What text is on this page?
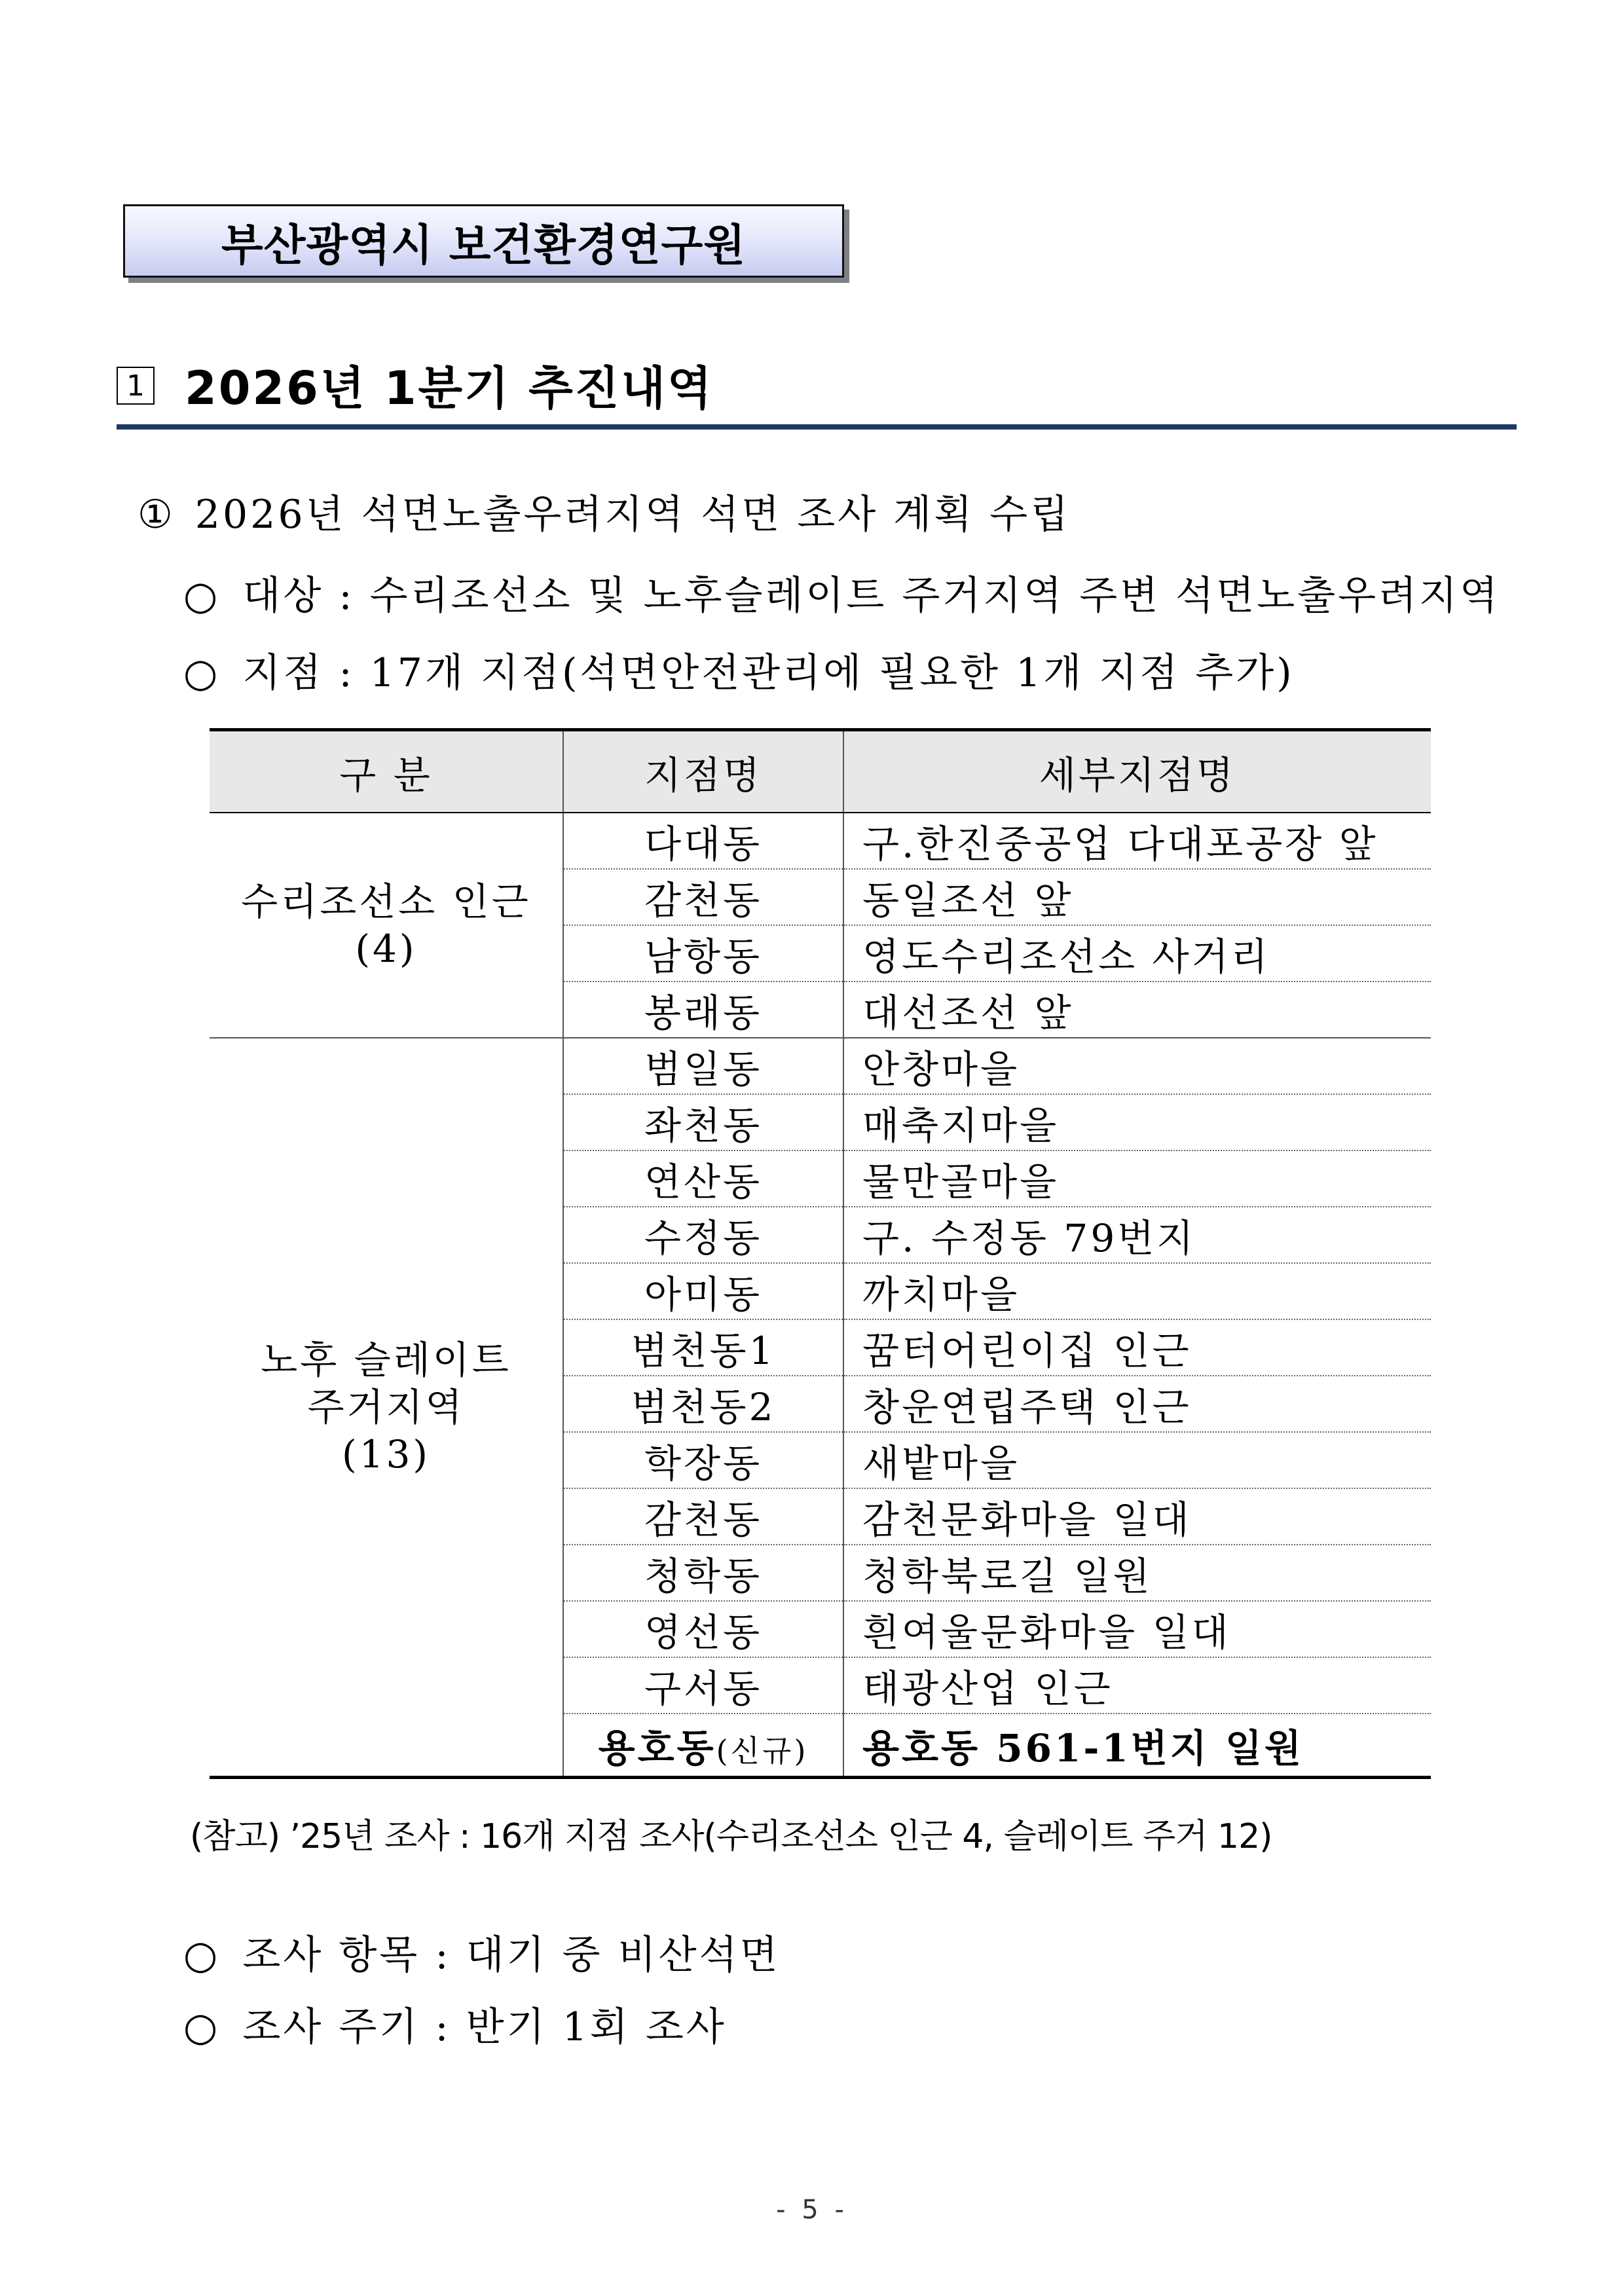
부산광역시 보건환경연구원
1 2026년 1분기 추진내역
① 2026년 석면노출우려지역 석면 조사 계획 수립
○ 대상 : 수리조선소 및 노후슬레이트 주거지역 주변 석면노출우려지역
○ 지점 : 17개 지점(석면안전관리에 필요한 1개 지점 추가)
구 분	지점명	세부지점명

수리조선소 인근
(4)	다대동	구.한진중공업 다대포공장 앞
	감천동	동일조선 앞
	남항동	영도수리조선소 사거리
	봉래동	대선조선 앞

노후 슬레이트
주거지역
(13)	범일동	안창마을
	좌천동	매축지마을
	연산동	물만골마을
	수정동	구. 수정동 79번지
	아미동	까치마을
	범천동1	꿈터어린이집 인근
	범천동2	창운연립주택 인근
	학장동	새밭마을
	감천동	감천문화마을 일대
	청학동	청학북로길 일원
	영선동	흰여울문화마을 일대
	구서동	태광산업 인근
	용호동(신규)	용호동 561-1번지 일원
(참고) ’25년 조사 : 16개 지점 조사(수리조선소 인근 4, 슬레이트 주거 12)
○ 조사 항목 : 대기 중 비산석면
○ 조사 주기 : 반기 1회 조사
- 5 -
